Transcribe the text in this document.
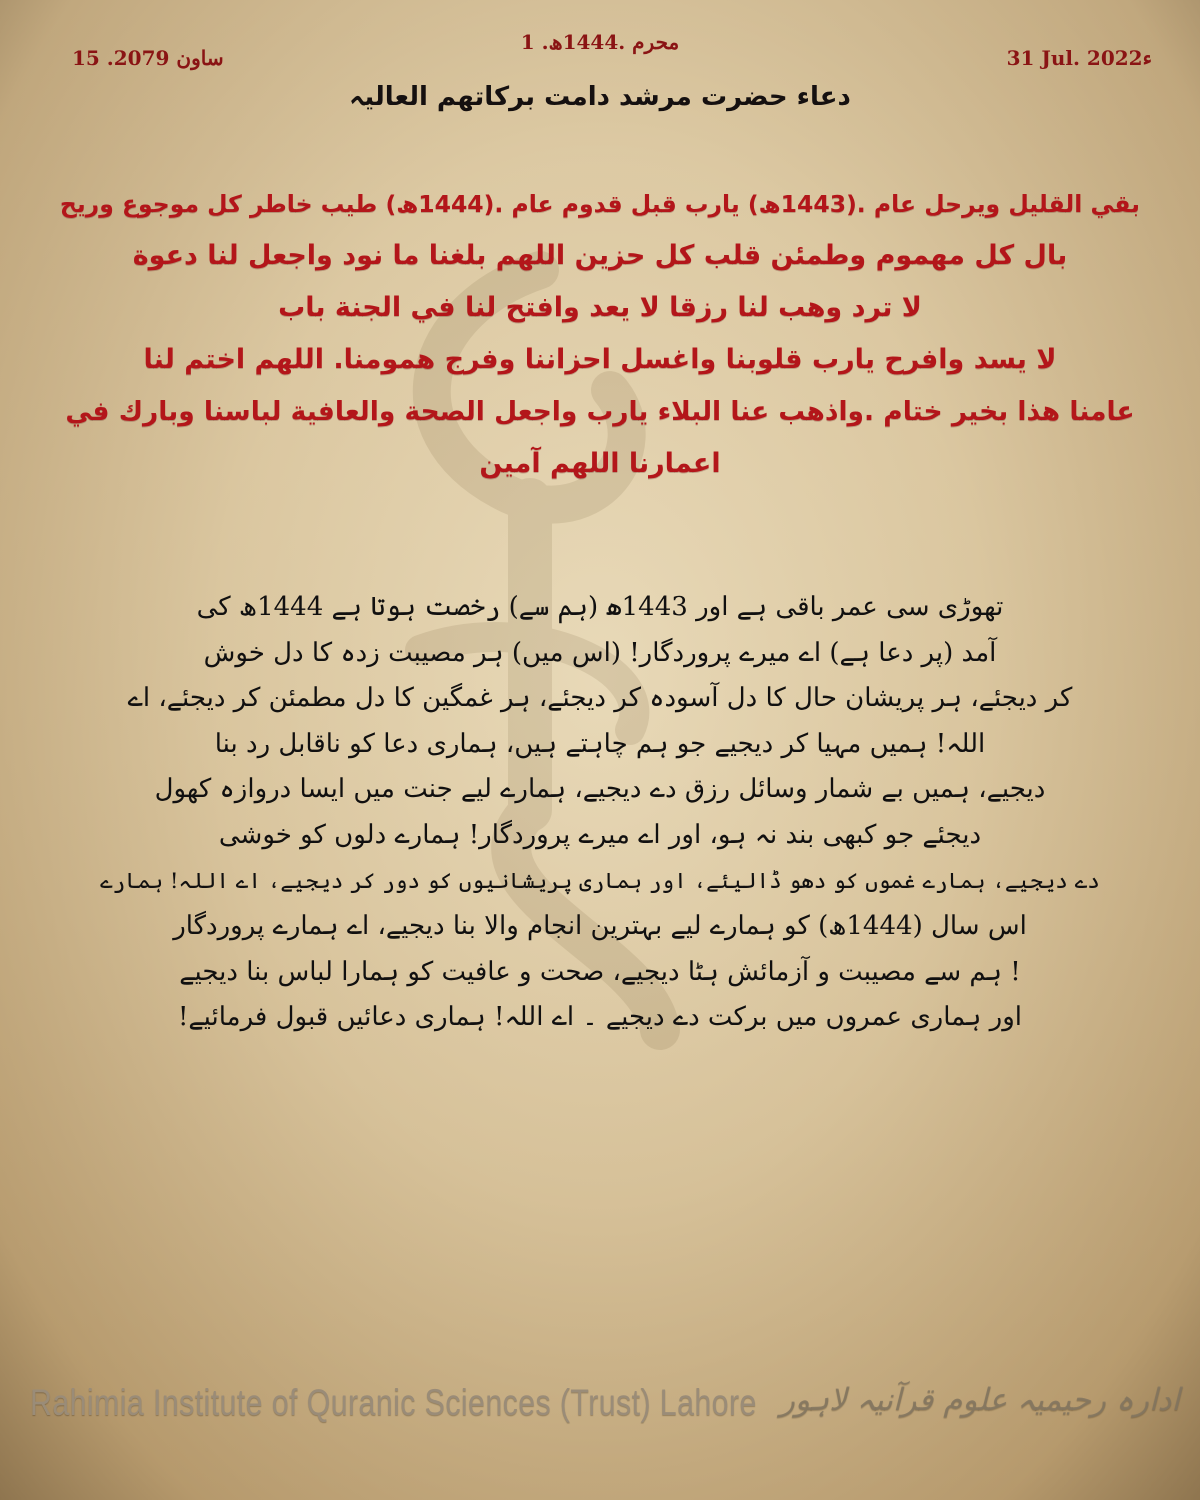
1 .محرم .1444ھ
31 Jul. 2022ء
15 .ساون 2079
دعاء حضرت مرشد دامت برکاتھم العالیہ
بقي القليل ويرحل عام .(1443ھ) يارب قبل قدوم عام .(1444ھ) طيب خاطر كل موجوع وريح
بال كل مهموم وطمئن قلب كل حزين اللهم بلغنا ما نود واجعل لنا دعوة
لا ترد وهب لنا رزقا لا يعد وافتح لنا في الجنة باب
لا يسد وافرح يارب قلوبنا واغسل احزاننا وفرج همومنا. اللهم اختم لنا
عامنا هذا بخير ختام .واذهب عنا البلاء يارب واجعل الصحة والعافية لباسنا وبارك في
اعمارنا اللهم آمين
تھوڑی سی عمر باقی ہے اور 1443ھ (ہم سے) رخصت ہوتا ہے 1444ھ کی
آمد (پر دعا ہے) اے میرے پروردگار! (اس میں) ہر مصیبت زدہ کا دل خوش
کر دیجئے، ہر پریشان حال کا دل آسودہ کر دیجئے، ہر غمگین کا دل مطمئن کر دیجئے، اے
اللہ! ہمیں مہیا کر دیجیے جو ہم چاہتے ہیں، ہماری دعا کو ناقابل رد بنا
دیجیے، ہمیں بے شمار وسائل رزق دے دیجیے، ہمارے لیے جنت میں ایسا دروازہ کھول
دیجئے جو کبھی بند نہ ہو، اور اے میرے پروردگار! ہمارے دلوں کو خوشی
دے دیجیے، ہمارے غموں کو دھو ڈالیئے، اور ہماری پریشانیوں کو دور کر دیجیے، اے اللہ! ہمارے
اس سال (1444ھ) کو ہمارے لیے بہترین انجام والا بنا دیجیے، اے ہمارے پروردگار
! ہم سے مصیبت و آزمائش ہٹا دیجیے، صحت و عافیت کو ہمارا لباس بنا دیجیے
اور ہماری عمروں میں برکت دے دیجیے ۔ اے اللہ! ہماری دعائیں قبول فرمائیے!
Rahimia Institute of Quranic Sciences (Trust) Lahore ادارہ رحیمیہ علوم قرآنیہ لاہور
